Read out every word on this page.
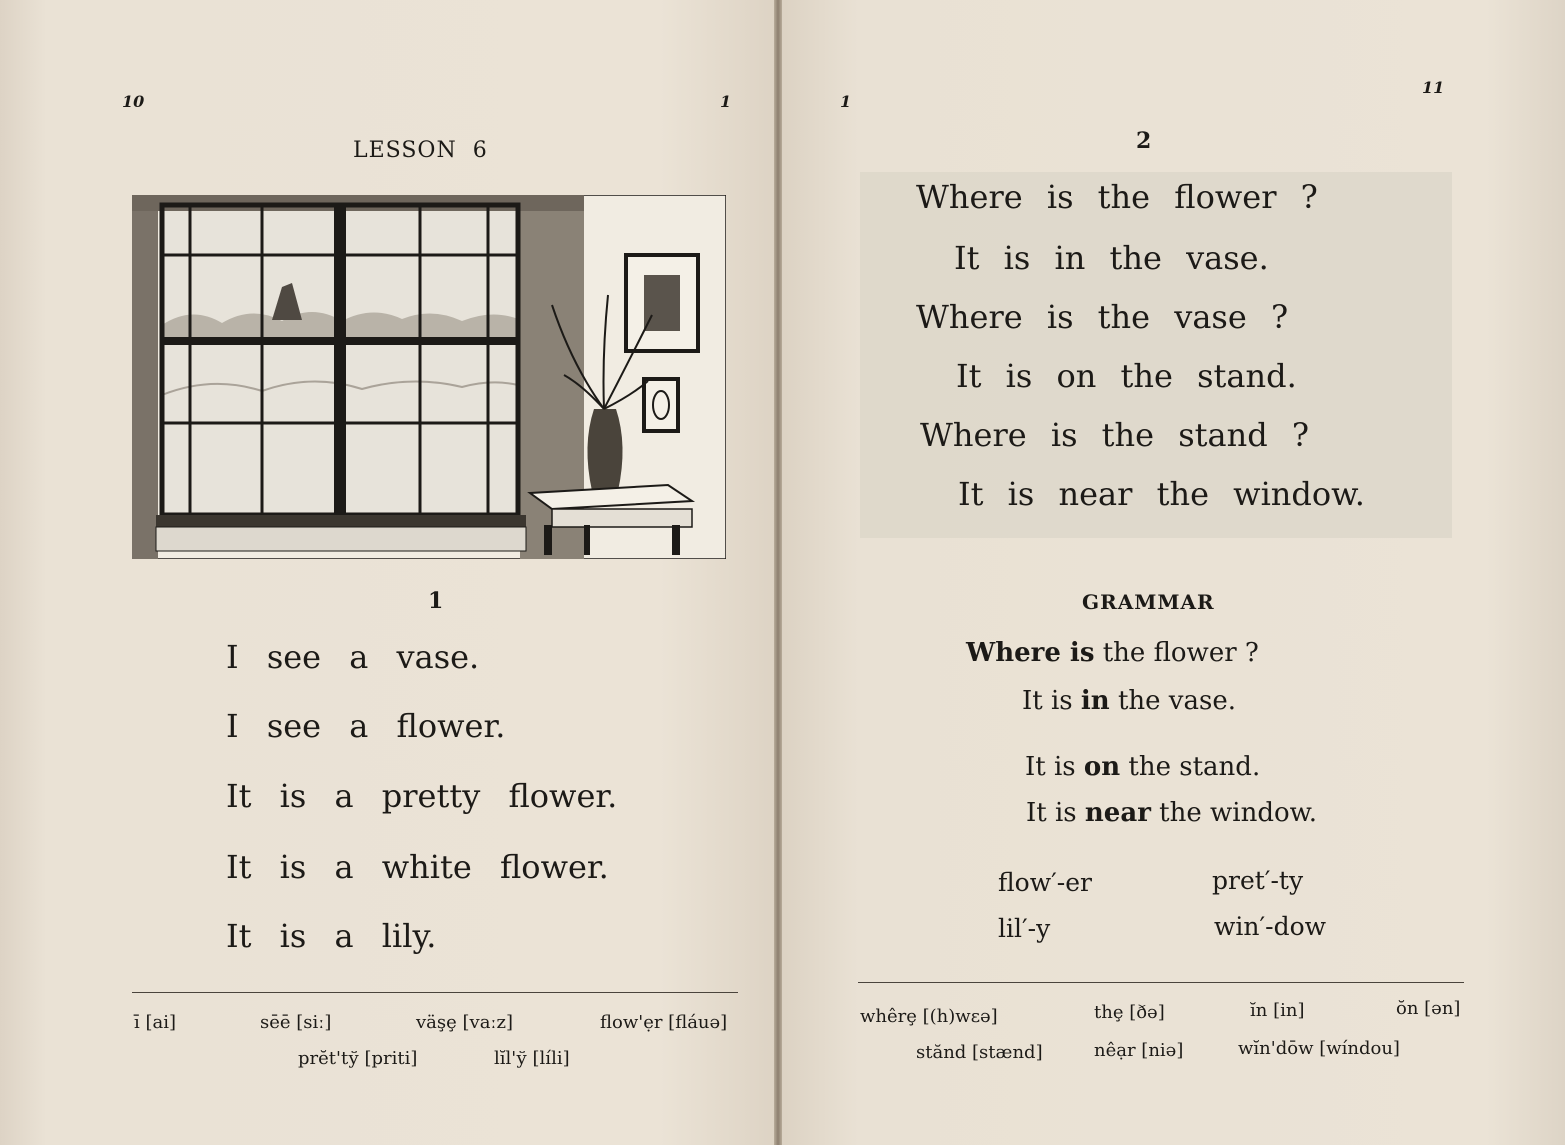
10	1
LESSON 6
1
I see a vase.
I see a flower.
It is a pretty flower.
It is a white flower.
It is a lily.
ī [ai]	sēē [siː]	väşȩ [vaːz]	flow'ẹr [fláuə]
prĕt'tў [priti]	lĭl'ў [líli]
1
11
2
Where is the flower ?
It is in the vase.
Where is the vase ?
It is on the stand.
Where is the stand ?
It is near the window.
GRAMMAR
Where is the flower ?
It is in the vase.
It is on the stand.
It is near the window.
flow′-er	pret′-ty
lil′-y	win′-dow
whêrȩ [(h)wεə]	thȩ [ðə]	ĭn [in]	ŏn [ən]
stănd [stænd]	nêạr [niə]	wĭn'dōw [wíndou]
